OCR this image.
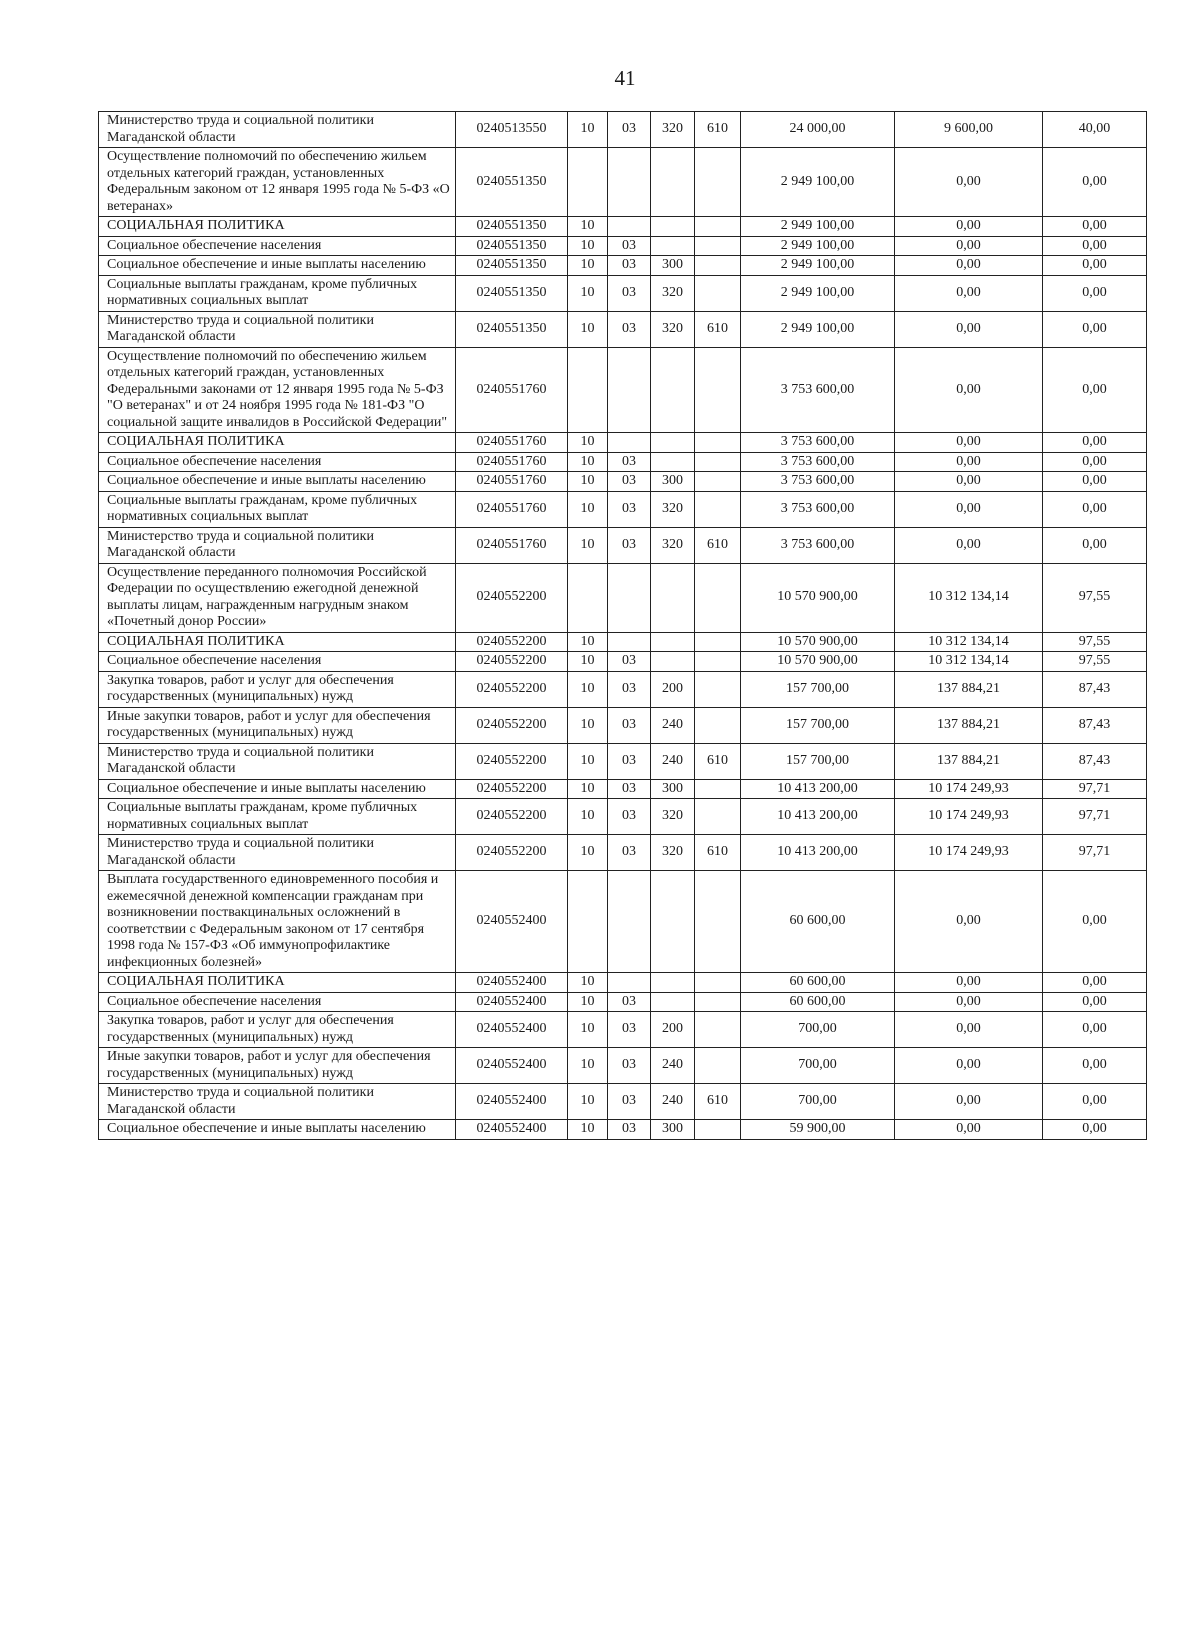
41
Министерство труда и социальной политики Магаданской области	0240513550	10	03	320	610	24 000,00	9 600,00	40,00
Осуществление полномочий по обеспечению жильем отдельных категорий граждан, установленных Федеральным законом от 12 января 1995 года № 5-ФЗ «О ветеранах»	0240551350					2 949 100,00	0,00	0,00
СОЦИАЛЬНАЯ ПОЛИТИКА	0240551350	10				2 949 100,00	0,00	0,00
Социальное обеспечение населения	0240551350	10	03			2 949 100,00	0,00	0,00
Социальное обеспечение и иные выплаты населению	0240551350	10	03	300		2 949 100,00	0,00	0,00
Социальные выплаты гражданам, кроме публичных нормативных социальных выплат	0240551350	10	03	320		2 949 100,00	0,00	0,00
Министерство труда и социальной политики Магаданской области	0240551350	10	03	320	610	2 949 100,00	0,00	0,00
Осуществление полномочий по обеспечению жильем отдельных категорий граждан, установленных Федеральными законами от 12 января 1995 года № 5-ФЗ "О ветеранах" и от 24 ноября 1995 года № 181-ФЗ "О социальной защите инвалидов в Российской Федерации"	0240551760					3 753 600,00	0,00	0,00
СОЦИАЛЬНАЯ ПОЛИТИКА	0240551760	10				3 753 600,00	0,00	0,00
Социальное обеспечение населения	0240551760	10	03			3 753 600,00	0,00	0,00
Социальное обеспечение и иные выплаты населению	0240551760	10	03	300		3 753 600,00	0,00	0,00
Социальные выплаты гражданам, кроме публичных нормативных социальных выплат	0240551760	10	03	320		3 753 600,00	0,00	0,00
Министерство труда и социальной политики Магаданской области	0240551760	10	03	320	610	3 753 600,00	0,00	0,00
Осуществление переданного полномочия Российской Федерации по осуществлению ежегодной денежной выплаты лицам, награжденным нагрудным знаком «Почетный донор России»	0240552200					10 570 900,00	10 312 134,14	97,55
СОЦИАЛЬНАЯ ПОЛИТИКА	0240552200	10				10 570 900,00	10 312 134,14	97,55
Социальное обеспечение населения	0240552200	10	03			10 570 900,00	10 312 134,14	97,55
Закупка товаров, работ и услуг для обеспечения государственных (муниципальных) нужд	0240552200	10	03	200		157 700,00	137 884,21	87,43
Иные закупки товаров, работ и услуг для обеспечения государственных (муниципальных) нужд	0240552200	10	03	240		157 700,00	137 884,21	87,43
Министерство труда и социальной политики Магаданской области	0240552200	10	03	240	610	157 700,00	137 884,21	87,43
Социальное обеспечение и иные выплаты населению	0240552200	10	03	300		10 413 200,00	10 174 249,93	97,71
Социальные выплаты гражданам, кроме публичных нормативных социальных выплат	0240552200	10	03	320		10 413 200,00	10 174 249,93	97,71
Министерство труда и социальной политики Магаданской области	0240552200	10	03	320	610	10 413 200,00	10 174 249,93	97,71
Выплата государственного единовременного пособия и ежемесячной денежной компенсации гражданам при возникновении поствакцинальных осложнений в соответствии с Федеральным законом от 17 сентября 1998 года № 157-ФЗ «Об иммунопрофилактике инфекционных болезней»	0240552400					60 600,00	0,00	0,00
СОЦИАЛЬНАЯ ПОЛИТИКА	0240552400	10				60 600,00	0,00	0,00
Социальное обеспечение населения	0240552400	10	03			60 600,00	0,00	0,00
Закупка товаров, работ и услуг для обеспечения государственных (муниципальных) нужд	0240552400	10	03	200		700,00	0,00	0,00
Иные закупки товаров, работ и услуг для обеспечения государственных (муниципальных) нужд	0240552400	10	03	240		700,00	0,00	0,00
Министерство труда и социальной политики Магаданской области	0240552400	10	03	240	610	700,00	0,00	0,00
Социальное обеспечение и иные выплаты населению	0240552400	10	03	300		59 900,00	0,00	0,00
